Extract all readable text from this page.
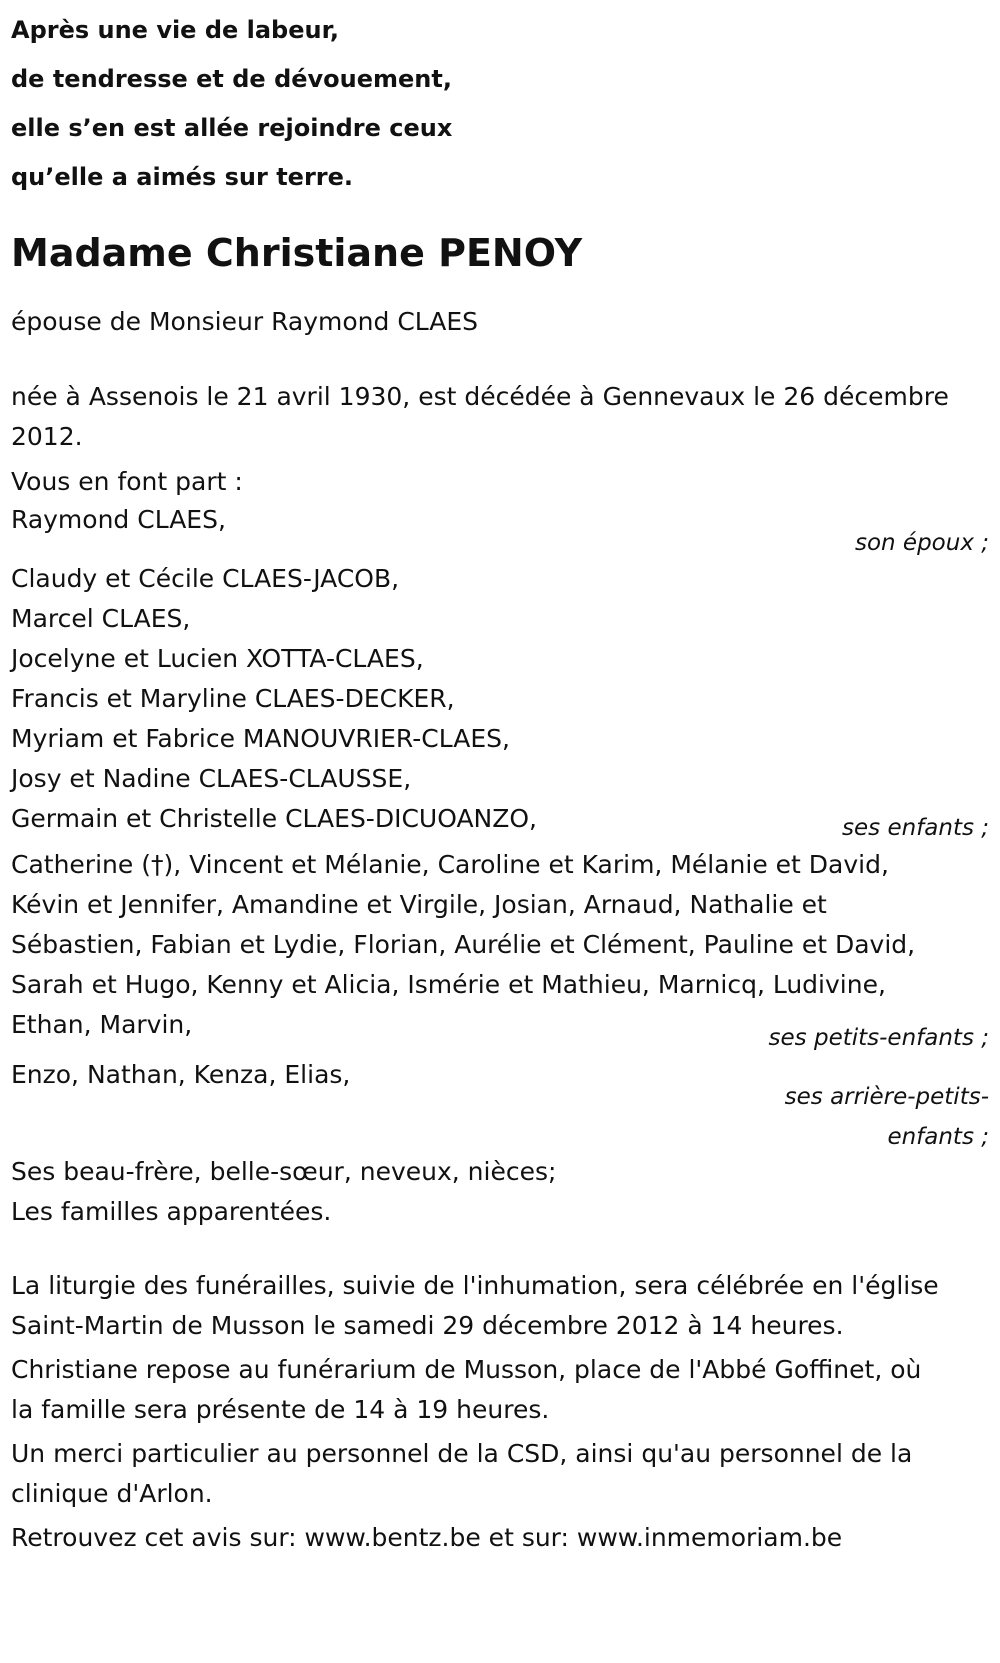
Après une vie de labeur,
de tendresse et de dévouement,
elle s’en est allée rejoindre ceux
qu’elle a aimés sur terre.
Madame Christiane PENOY
épouse de Monsieur Raymond CLAES
née à Assenois le 21 avril 1930, est décédée à Gennevaux le 26 décembre
2012.
Vous en font part :
Raymond CLAES,
son époux ;
Claudy et Cécile CLAES-JACOB,
Marcel CLAES,
Jocelyne et Lucien XOTTA-CLAES,
Francis et Maryline CLAES-DECKER,
Myriam et Fabrice MANOUVRIER-CLAES,
Josy et Nadine CLAES-CLAUSSE,
Germain et Christelle CLAES-DICUOANZO,	ses enfants ;
Catherine (†), Vincent et Mélanie, Caroline et Karim, Mélanie et David,
Kévin et Jennifer, Amandine et Virgile, Josian, Arnaud, Nathalie et
Sébastien, Fabian et Lydie, Florian, Aurélie et Clément, Pauline et David,
Sarah et Hugo, Kenny et Alicia, Ismérie et Mathieu, Marnicq, Ludivine,
Ethan, Marvin,	ses petits-enfants ;
Enzo, Nathan, Kenza, Elias,
ses arrière-petits-
enfants ;
Ses beau-frère, belle-sœur, neveux, nièces;
Les familles apparentées.
La liturgie des funérailles, suivie de l'inhumation, sera célébrée en l'église
Saint-Martin de Musson le samedi 29 décembre 2012 à 14 heures.
Christiane repose au funérarium de Musson, place de l'Abbé Goffinet, où
la famille sera présente de 14 à 19 heures.
Un merci particulier au personnel de la CSD, ainsi qu'au personnel de la
clinique d'Arlon.
Retrouvez cet avis sur: www.bentz.be et sur: www.inmemoriam.be
